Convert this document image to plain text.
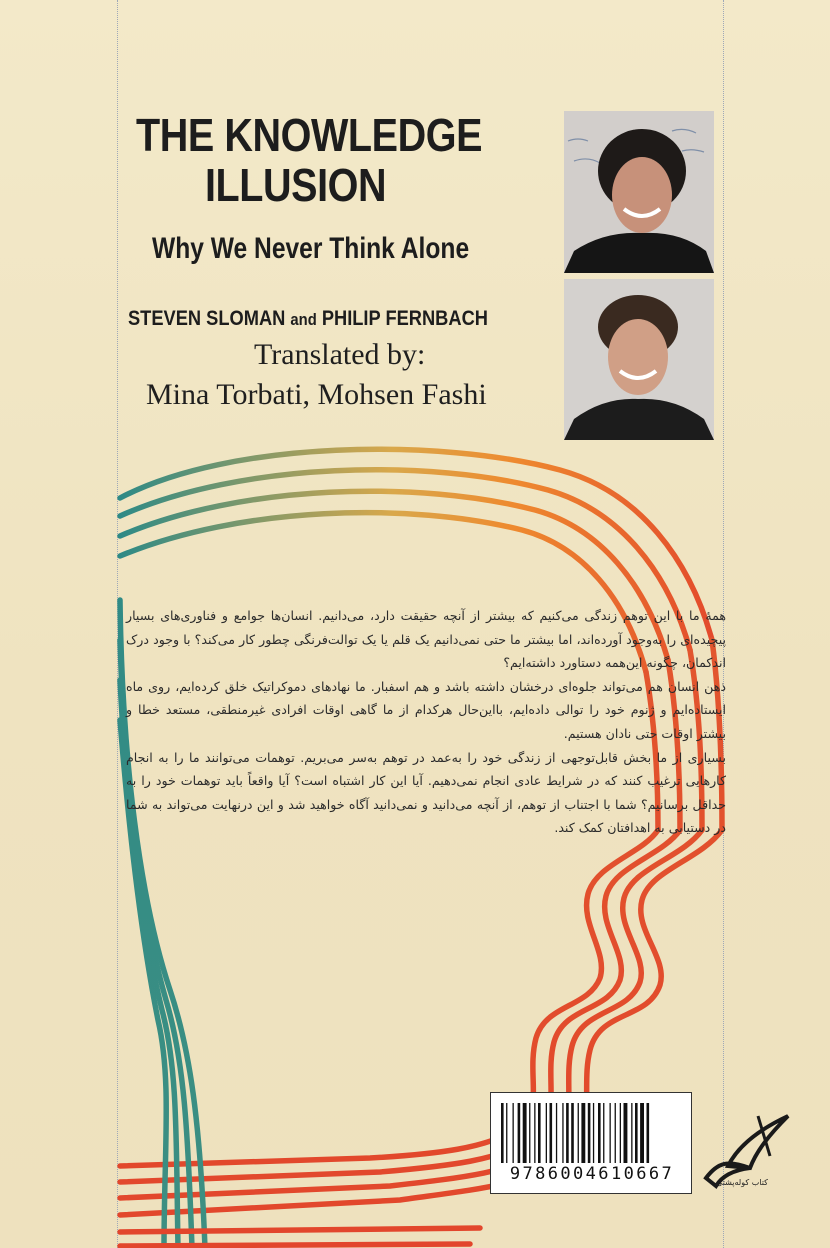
THE KNOWLEDGE
ILLUSION
Why We Never Think Alone
STEVEN SLOMAN and PHILIP FERNBACH
Translated by:
Mina Torbati, Mohsen Fashi

همهٔ ما با این توهم زندگی می‌کنیم که بیشتر از آنچه حقیقت دارد، می‌دانیم. انسان‌ها جوامع و فناوری‌های بسیار پیچیده‌ای را به‌وجود آورده‌اند، اما بیشتر ما حتی نمی‌دانیم یک قلم یا یک توالت‌فرنگی چطور کار می‌کند؟ با وجود درک اندکمان، چگونه این‌همه دستاورد داشته‌ایم؟

ذهن انسان هم می‌تواند جلوه‌ای درخشان داشته باشد و هم اسفبار. ما نهادهای دموکراتیک خلق کرده‌ایم، روی ماه ایستاده‌ایم و ژنوم خود را توالی داده‌ایم، بااین‌حال هرکدام از ما گاهی اوقات افرادی غیرمنطقی، مستعد خطا و بیشتر اوقات حتی نادان هستیم.

بسیاری از ما بخش قابل‌توجهی از زندگی خود را به‌عمد در توهم به‌سر می‌بریم. توهمات می‌توانند ما را به انجام کارهایی ترغیب کنند که در شرایط عادی انجام نمی‌دهیم. آیا این کار اشتباه است؟ آیا واقعاً باید توهمات خود را به حداقل برسانیم؟ شما با اجتناب از توهم، از آنچه می‌دانید و نمی‌دانید آگاه خواهید شد و این درنهایت می‌تواند به شما در دستیابی به اهدافتان کمک کند.

9786004610667	کتاب کوله‌پشتی
